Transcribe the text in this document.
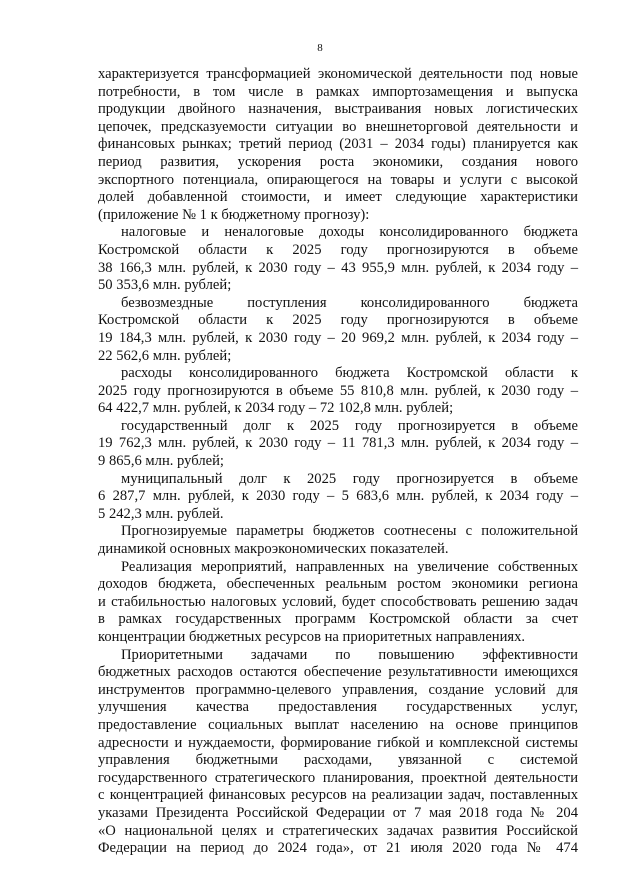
8

характеризуется трансформацией экономической деятельности под новые

потребности, в том числе в рамках импортозамещения и выпуска

продукции двойного назначения, выстраивания новых логистических

цепочек, предсказуемости ситуации во внешнеторговой деятельности и

финансовых рынках; третий период (2031 – 2034 годы) планируется как

период развития, ускорения роста экономики, создания нового

экспортного потенциала, опирающегося на товары и услуги с высокой

долей добавленной стоимости, и имеет следующие характеристики

(приложение № 1 к бюджетному прогнозу):

налоговые и неналоговые доходы консолидированного бюджета

Костромской области к 2025 году прогнозируются в объеме

38 166,3 млн. рублей, к 2030 году – 43 955,9 млн. рублей, к 2034 году –

50 353,6 млн. рублей;

безвозмездные поступления консолидированного бюджета

Костромской области к 2025 году прогнозируются в объеме

19 184,3 млн. рублей, к 2030 году – 20 969,2 млн. рублей, к 2034 году –

22 562,6 млн. рублей;

расходы консолидированного бюджета Костромской области к

2025 году прогнозируются в объеме 55 810,8 млн. рублей, к 2030 году –

64 422,7 млн. рублей, к 2034 году – 72 102,8 млн. рублей;

государственный долг к 2025 году прогнозируется в объеме

19 762,3 млн. рублей, к 2030 году – 11 781,3 млн. рублей, к 2034 году –

9 865,6 млн. рублей;

муниципальный долг к 2025 году прогнозируется в объеме

6 287,7 млн. рублей, к 2030 году – 5 683,6 млн. рублей, к 2034 году –

5 242,3 млн. рублей.

Прогнозируемые параметры бюджетов соотнесены с положительной

динамикой основных макроэкономических показателей.

Реализация мероприятий, направленных на увеличение собственных

доходов бюджета, обеспеченных реальным ростом экономики региона

и стабильностью налоговых условий, будет способствовать решению задач

в рамках государственных программ Костромской области за счет

концентрации бюджетных ресурсов на приоритетных направлениях.

Приоритетными задачами по повышению эффективности

бюджетных расходов остаются обеспечение результативности имеющихся

инструментов программно-целевого управления, создание условий для

улучшения качества предоставления государственных услуг,

предоставление социальных выплат населению на основе принципов

адресности и нуждаемости, формирование гибкой и комплексной системы

управления бюджетными расходами, увязанной с системой

государственного стратегического планирования, проектной деятельности

с концентрацией финансовых ресурсов на реализации задач, поставленных

указами Президента Российской Федерации от 7 мая 2018 года № 204

«О национальной целях и стратегических задачах развития Российской

Федерации на период до 2024 года», от 21 июля 2020 года № 474
